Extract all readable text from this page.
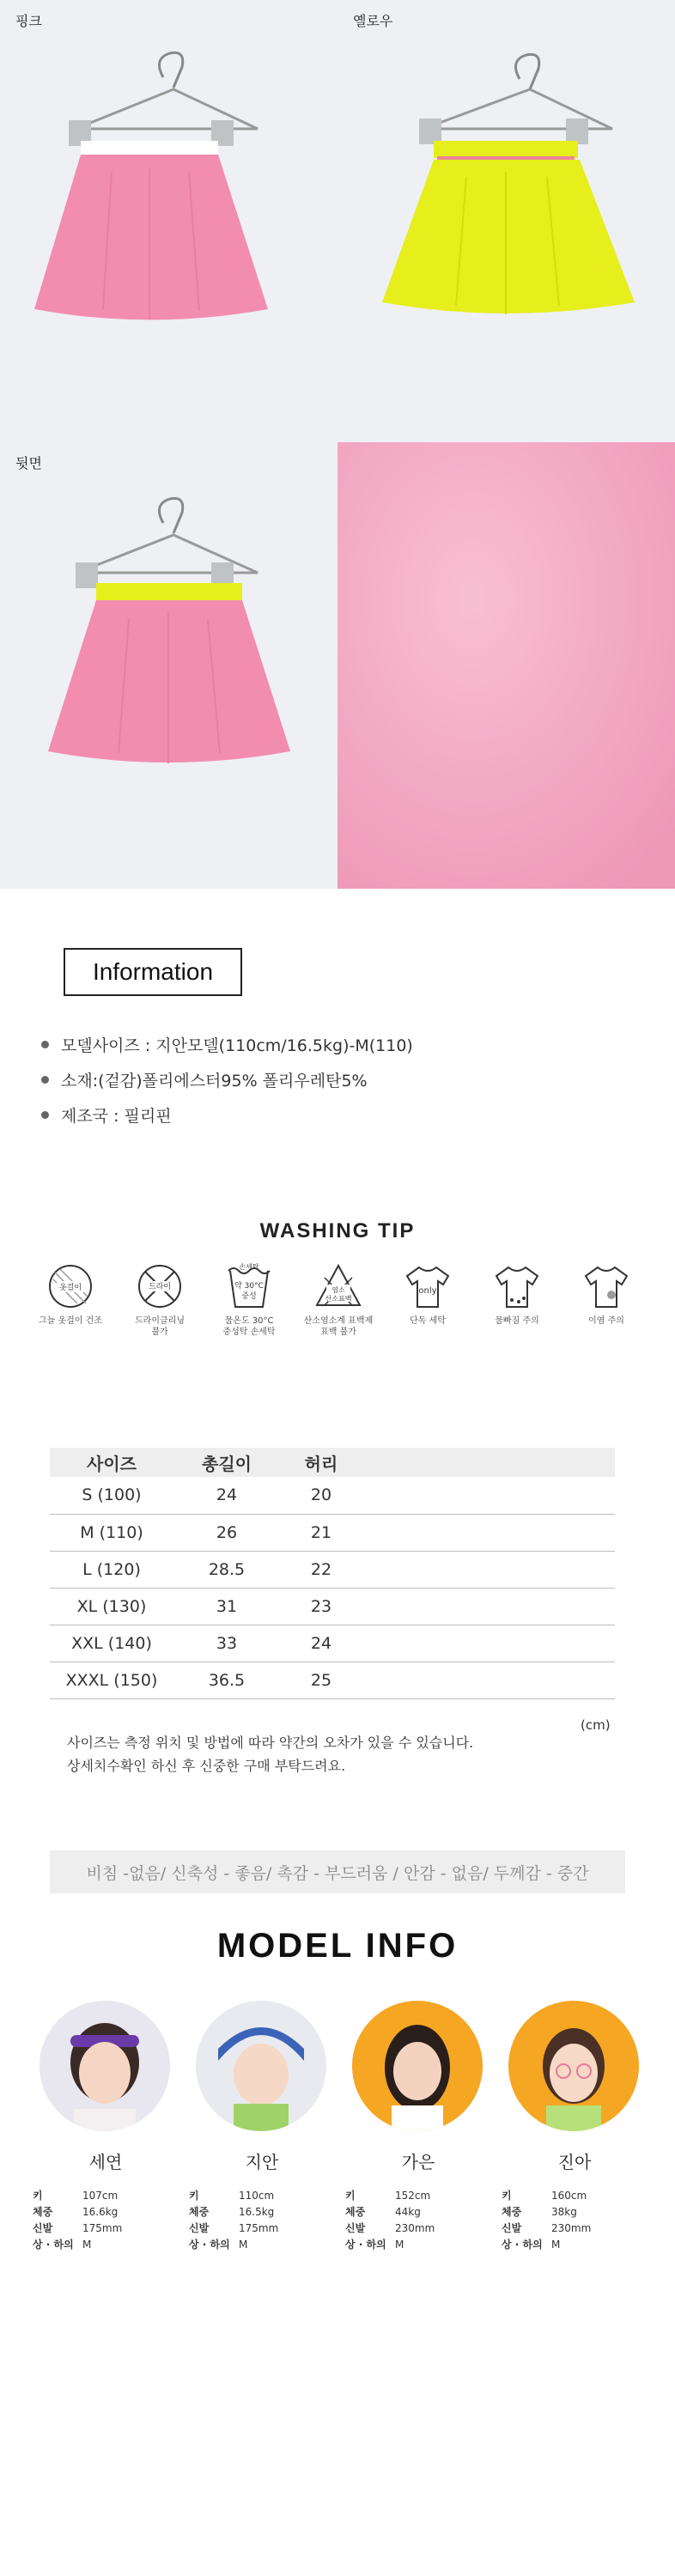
핑크	옐로우
뒷면
Information
모델사이즈 : 지안모델(110cm/16.5kg)-M(110)
소재:(겉감)폴리에스터95% 폴리우레탄5%
제조국 : 필리핀
WASHING TIP
옷걸이
그늘 옷걸이 건조
드라이
드라이클리닝
불가
손세탁
약 30°C
중성
물온도 30°C
중성탁 손세탁
염소
산소표백
산소염소계 표백제
표백 불가
only
단독 세탁	물빠짐 주의	이염 주의
사이즈	총길이	허리	
S (100)	24	20	
M (110)	26	21	
L (120)	28.5	22	
XL (130)	31	23	
XXL (140)	33	24	
XXXL (150)	36.5	25	
(cm)
사이즈는 측정 위치 및 방법에 따라 약간의 오차가 있을 수 있습니다.
상세치수확인 하신 후 신중한 구매 부탁드려요.
비침 -없음/ 신축성 - 좋음/ 촉감 - 부드러움 / 안감 - 없음/ 두께감 - 중간
MODEL INFO
세연
키	107cm
체중	16.6kg
신발	175mm
상 · 하의	M
지안
키	110cm
체중	16.5kg
신발	175mm
상 · 하의	M
가은
키	152cm
체중	44kg
신발	230mm
상 · 하의	M
진아
키	160cm
체중	38kg
신발	230mm
상 · 하의	M
